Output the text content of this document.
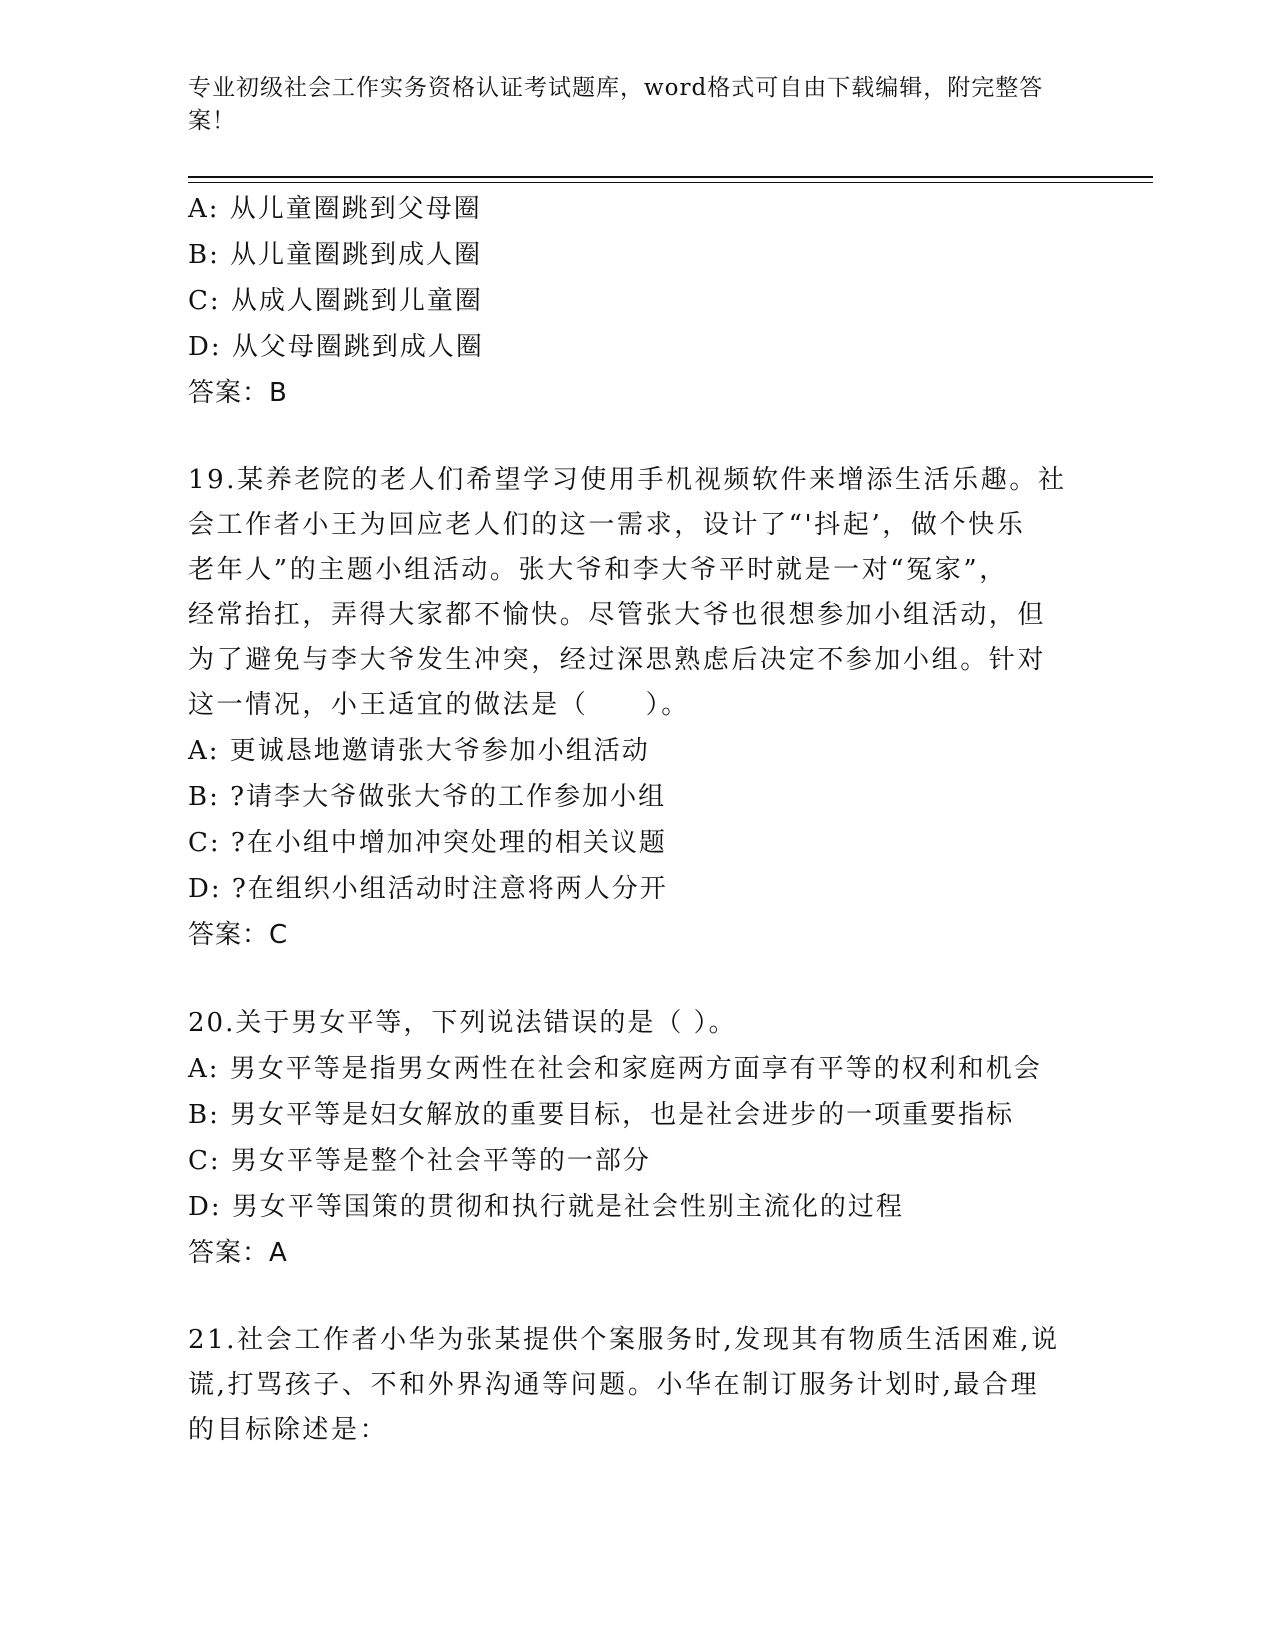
专业初级社会工作实务资格认证考试题库，word格式可自由下载编辑，附完整答案！
A: 从儿童圈跳到父母圈
B: 从儿童圈跳到成人圈
C: 从成人圈跳到儿童圈
D: 从父母圈跳到成人圈
答案：B
19.某养老院的老人们希望学习使用手机视频软件来增添生活乐趣。社
会工作者小王为回应老人们的这一需求，设计了“'抖起’，做个快乐
老年人”的主题小组活动。张大爷和李大爷平时就是一对“冤家”，
经常抬扛，弄得大家都不愉快。尽管张大爷也很想参加小组活动，但
为了避免与李大爷发生冲突，经过深思熟虑后决定不参加小组。针对
这一情况，小王适宜的做法是（　　）。
A: 更诚恳地邀请张大爷参加小组活动
B: ?请李大爷做张大爷的工作参加小组
C: ?在小组中增加冲突处理的相关议题
D: ?在组织小组活动时注意将两人分开
答案：C
20.关于男女平等，下列说法错误的是（ ）。
A: 男女平等是指男女两性在社会和家庭两方面享有平等的权利和机会
B: 男女平等是妇女解放的重要目标，也是社会进步的一项重要指标
C: 男女平等是整个社会平等的一部分
D: 男女平等国策的贯彻和执行就是社会性别主流化的过程
答案：A
21.社会工作者小华为张某提供个案服务时,发现其有物质生活困难,说
谎,打骂孩子、不和外界沟通等问题。小华在制订服务计划时,最合理
的目标除述是：
